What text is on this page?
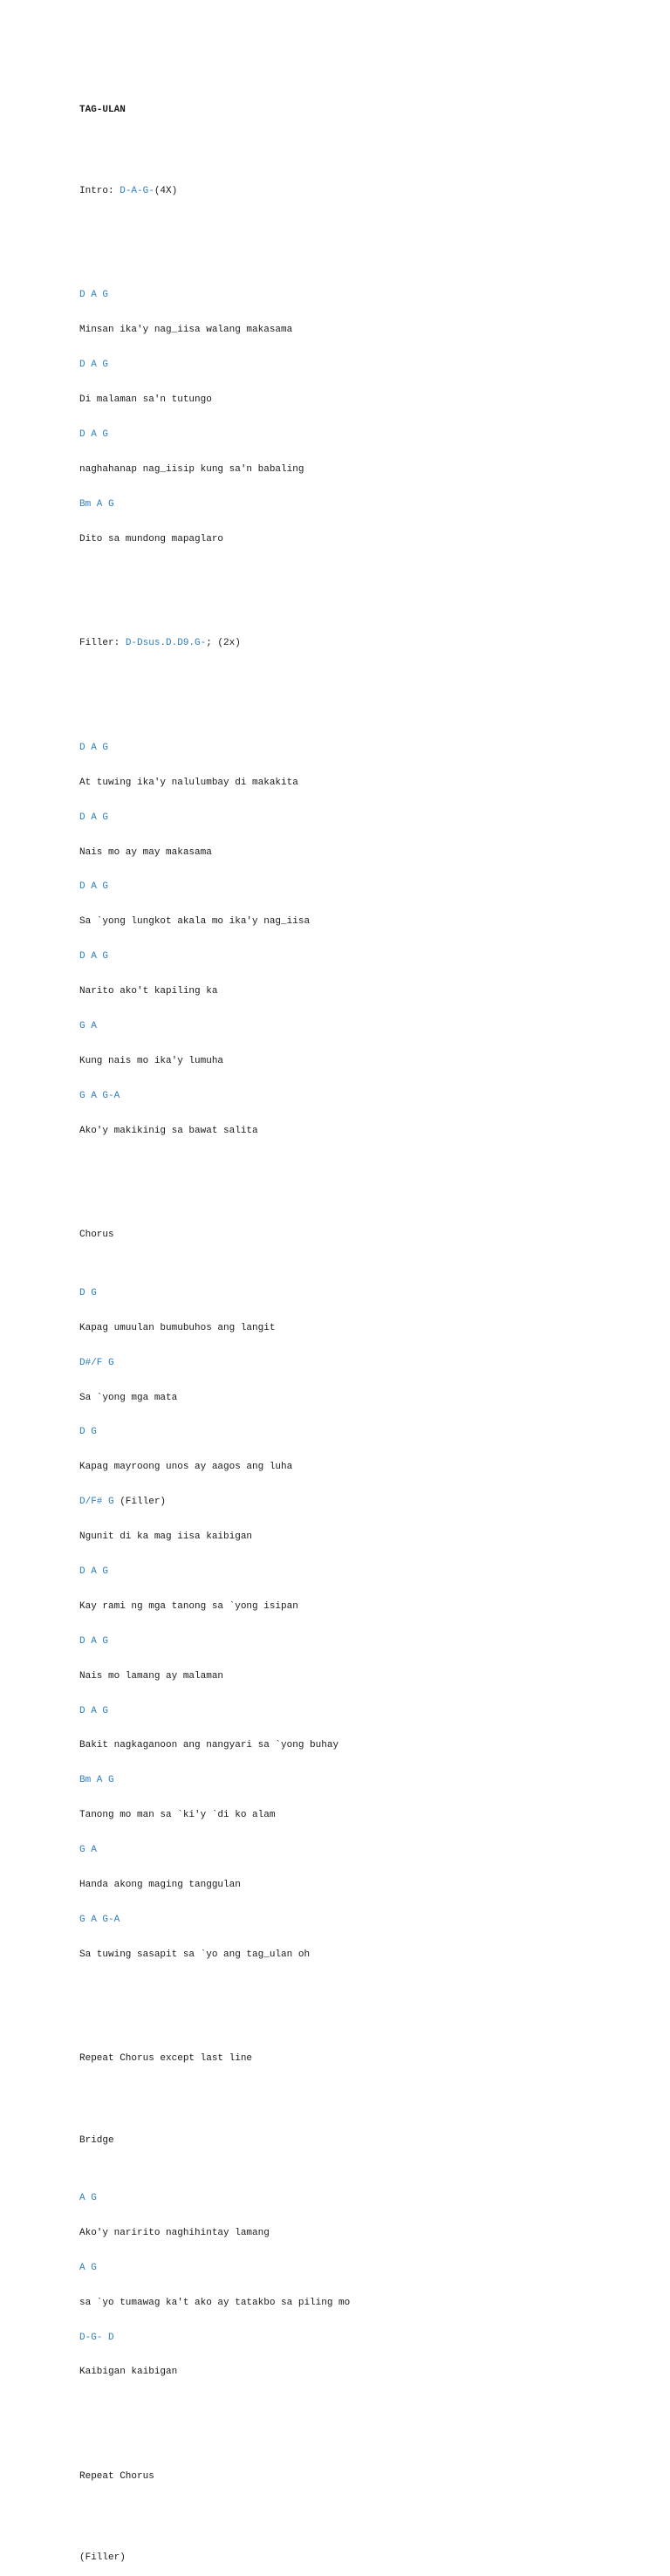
TAG-ULAN

Intro: D-A-G-(4X)

D A G

Minsan ika'y nag_iisa walang makasama

D A G

Di malaman sa'n tutungo

D A G

naghahanap nag_iisip kung sa'n babaling

Bm A G

Dito sa mundong mapaglaro

Filler: D-Dsus.D.D9.G-; (2x)

D A G

At tuwing ika'y nalulumbay di makakita

D A G

Nais mo ay may makasama

D A G

Sa `yong lungkot akala mo ika'y nag_iisa

D A G

Narito ako't kapiling ka

G A

Kung nais mo ika'y lumuha

G A G-A

Ako'y makikinig sa bawat salita

Chorus

D G

Kapag umuulan bumubuhos ang langit

D#/F G

Sa `yong mga mata

D G

Kapag mayroong unos ay aagos ang luha

D/F# G (Filler)

Ngunit di ka mag iisa kaibigan

D A G

Kay rami ng mga tanong sa `yong isipan

D A G

Nais mo lamang ay malaman

D A G

Bakit nagkaganoon ang nangyari sa `yong buhay

Bm A G

Tanong mo man sa `ki'y `di ko alam

G A

Handa akong maging tanggulan

G A G-A

Sa tuwing sasapit sa `yo ang tag_ulan oh

Repeat Chorus except last line

Bridge

A G

Ako'y naririto naghihintay lamang

A G

sa `yo tumawag ka't ako ay tatakbo sa piling mo

D-G- D

Kaibigan kaibigan

Repeat Chorus

(Filler)
